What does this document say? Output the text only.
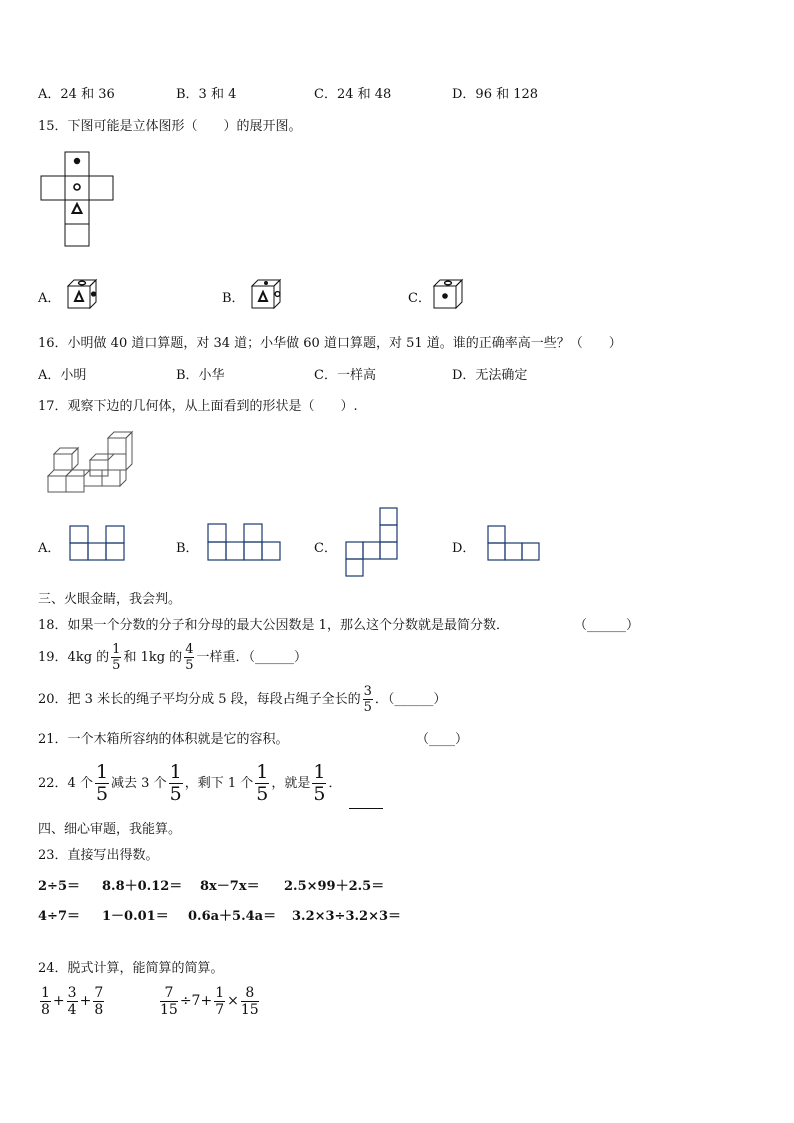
A．24 和 36	B．3 和 4	C．24 和 48	D．96 和 128
15．下图可能是立体图形（　　）的展开图。
A．	B．	C．
16．小明做 40 道口算题，对 34 道；小华做 60 道口算题，对 51 道。谁的正确率高一些？（　　）
A．小明	B．小华	C．一样高	D．无法确定
17．观察下边的几何体，从上面看到的形状是（　　）.
A．	B．	C．	D．
三、火眼金睛，我会判。
18．如果一个分数的分子和分母的最大公因数是 1，那么这个分数就是最简分数．	（______）
19．4kg 的 $\frac{1}{5}$ 和 1kg 的 $\frac{4}{5}$ 一样重．（______）
20．把 3 米长的绳子平均分成 5 段，每段占绳子全长的 $\frac{3}{5}$ ．（______）
21．一个木箱所容纳的体积就是它的容积。	（____）
22．4 个 $\frac{1}{5}$ 减去 3 个 $\frac{1}{5}$ ，剩下 1 个 $\frac{1}{5}$ ，就是 $\frac{1}{5}$ ．
四、细心审题，我能算。
23．直接写出得数。
2÷5＝ 8.8＋0.12＝ 8x－7x＝ 2.5×99＋2.5＝
4÷7＝ 1－0.01＝ 0.6a＋5.4a＝ 3.2×3÷3.2×3＝
24．脱式计算，能简算的简算。
$\frac{1}{8} + \frac{3}{4} + \frac{7}{8}$	$\frac{7}{15} \div 7+ \frac{1}{7} \times \frac{8}{15}$
